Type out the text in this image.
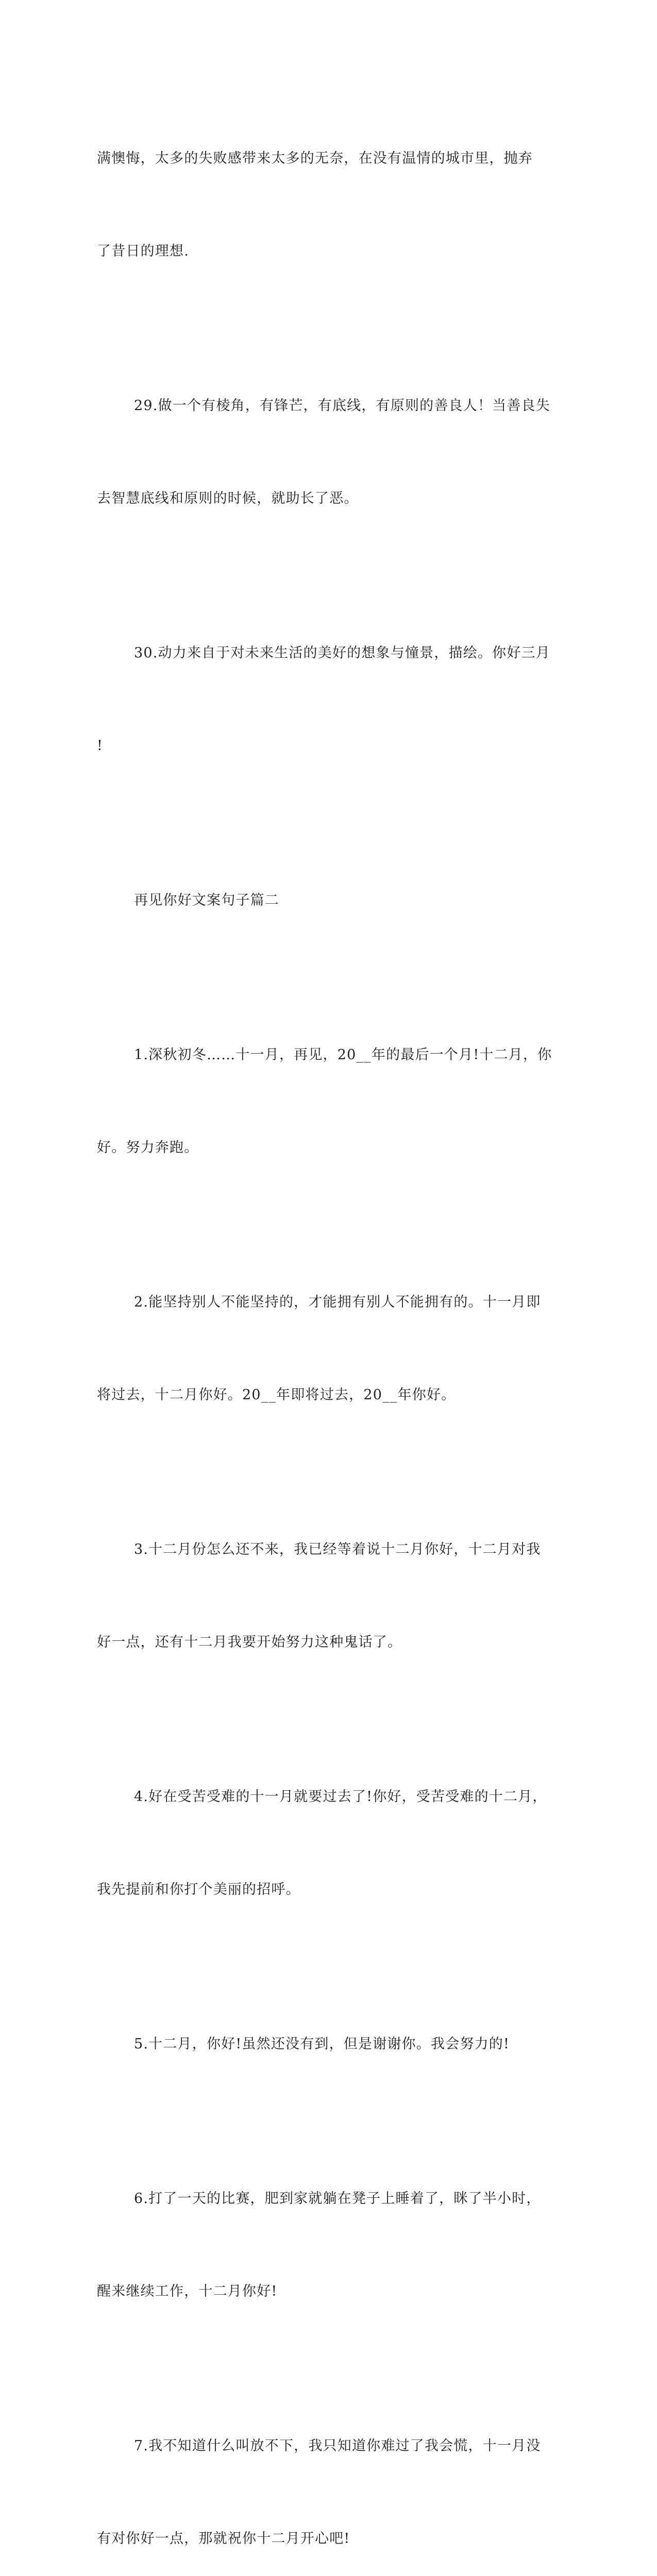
满懊悔，太多的失败感带来太多的无奈，在没有温情的城市里，抛弃

了昔日的理想.

29.做一个有棱角，有锋芒，有底线，有原则的善良人！当善良失

去智慧底线和原则的时候，就助长了恶。

30.动力来自于对未来生活的美好的想象与憧景，描绘。你好三月

!

再见你好文案句子篇二

1.深秋初冬……十一月，再见，20__年的最后一个月!十二月，你

好。努力奔跑。

2.能坚持别人不能坚持的，才能拥有别人不能拥有的。十一月即

将过去，十二月你好。20__年即将过去，20__年你好。

3.十二月份怎么还不来，我已经等着说十二月你好，十二月对我

好一点，还有十二月我要开始努力这种鬼话了。

4.好在受苦受难的十一月就要过去了!你好，受苦受难的十二月，

我先提前和你打个美丽的招呼。

5.十二月，你好!虽然还没有到，但是谢谢你。我会努力的!

6.打了一天的比赛，肥到家就躺在凳子上睡着了，眯了半小时，

醒来继续工作，十二月你好!

7.我不知道什么叫放不下，我只知道你难过了我会慌，十一月没

有对你好一点，那就祝你十二月开心吧!
